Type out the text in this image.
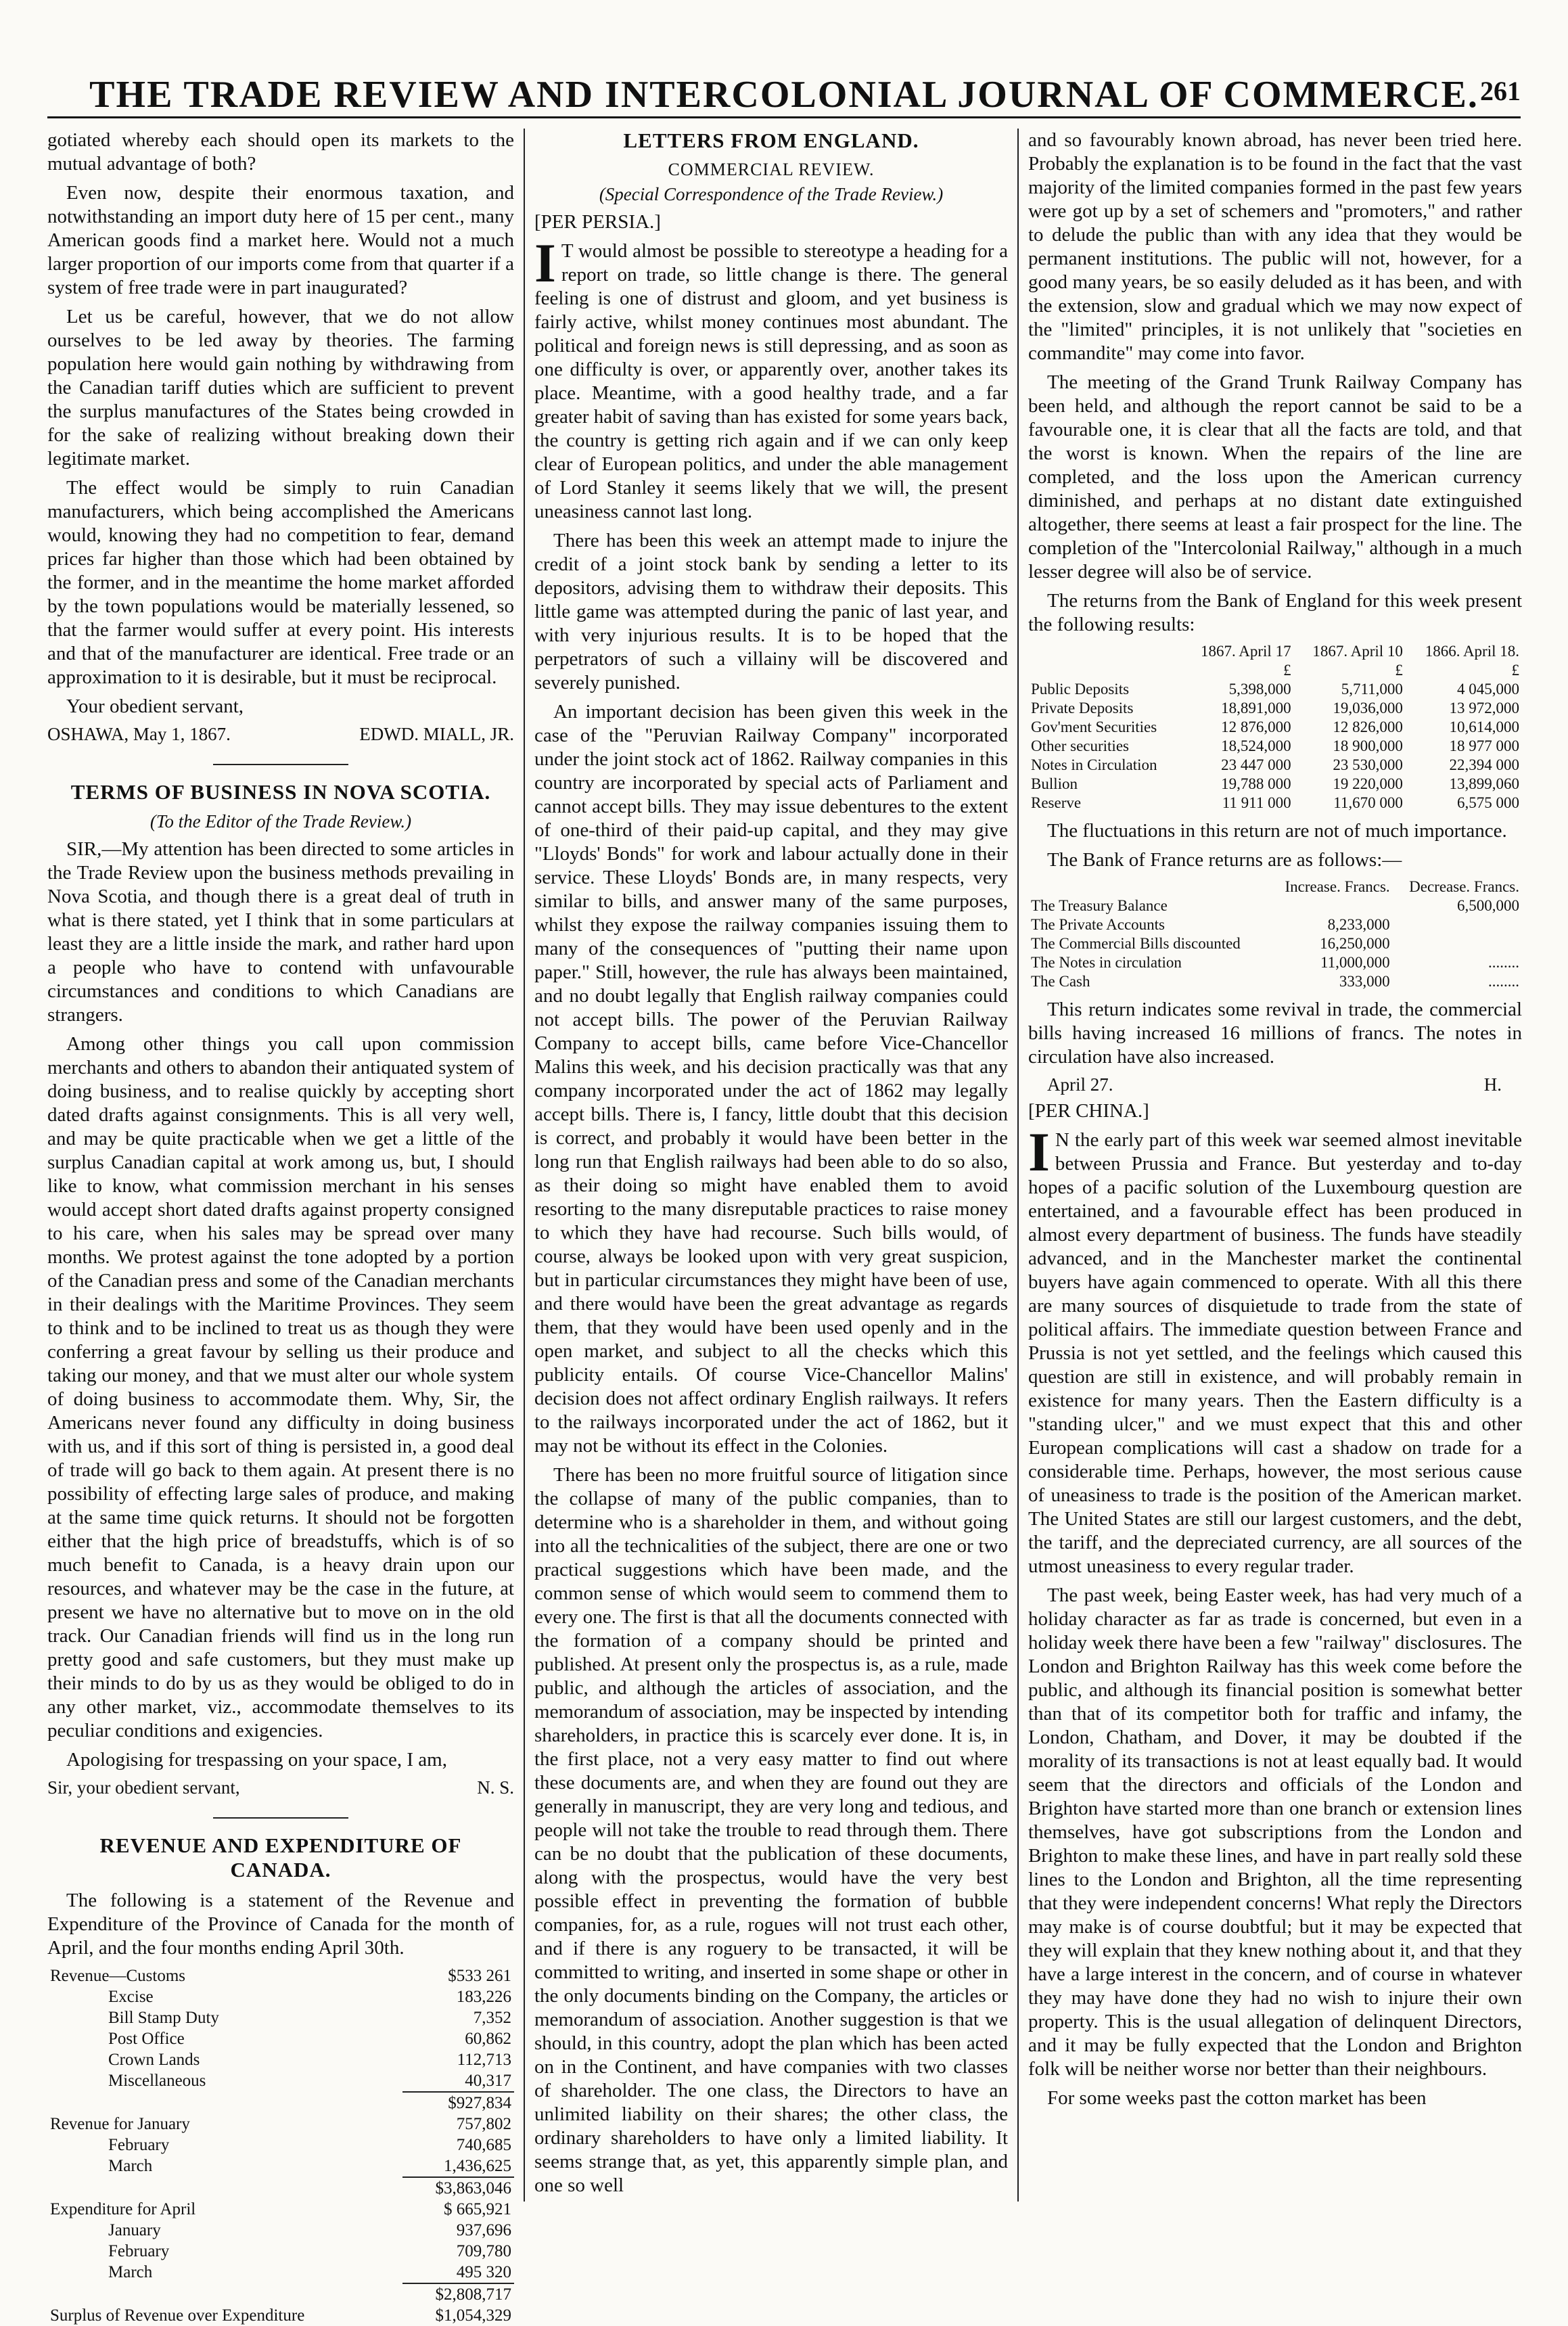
THE TRADE REVIEW AND INTERCOLONIAL JOURNAL OF COMMERCE. 261

gotiated whereby each should open its markets to the mutual advantage of both?

Even now, despite their enormous taxation, and notwithstanding an import duty here of 15 per cent., many American goods find a market here. Would not a much larger proportion of our imports come from that quarter if a system of free trade were in part inaugurated?

Let us be careful, however, that we do not allow ourselves to be led away by theories. The farming population here would gain nothing by withdrawing from the Canadian tariff duties which are sufficient to prevent the surplus manufactures of the States being crowded in for the sake of realizing without breaking down their legitimate market.

The effect would be simply to ruin Canadian manufacturers, which being accomplished the Americans would, knowing they had no competition to fear, demand prices far higher than those which had been obtained by the former, and in the meantime the home market afforded by the town populations would be materially lessened, so that the farmer would suffer at every point. His interests and that of the manufacturer are identical. Free trade or an approximation to it is desirable, but it must be reciprocal.

Your obedient servant,

OSHAWA, May 1, 1867.	EDWD. MIALL, JR.
TERMS OF BUSINESS IN NOVA SCOTIA.
(To the Editor of the Trade Review.)

SIR,—My attention has been directed to some articles in the Trade Review upon the business methods prevailing in Nova Scotia, and though there is a great deal of truth in what is there stated, yet I think that in some particulars at least they are a little inside the mark, and rather hard upon a people who have to contend with unfavourable circumstances and conditions to which Canadians are strangers.

Among other things you call upon commission merchants and others to abandon their antiquated system of doing business, and to realise quickly by accepting short dated drafts against consignments. This is all very well, and may be quite practicable when we get a little of the surplus Canadian capital at work among us, but, I should like to know, what commission merchant in his senses would accept short dated drafts against property consigned to his care, when his sales may be spread over many months. We protest against the tone adopted by a portion of the Canadian press and some of the Canadian merchants in their dealings with the Maritime Provinces. They seem to think and to be inclined to treat us as though they were conferring a great favour by selling us their produce and taking our money, and that we must alter our whole system of doing business to accommodate them. Why, Sir, the Americans never found any difficulty in doing business with us, and if this sort of thing is persisted in, a good deal of trade will go back to them again. At present there is no possibility of effecting large sales of produce, and making at the same time quick returns. It should not be forgotten either that the high price of breadstuffs, which is of so much benefit to Canada, is a heavy drain upon our resources, and whatever may be the case in the future, at present we have no alternative but to move on in the old track. Our Canadian friends will find us in the long run pretty good and safe customers, but they must make up their minds to do by us as they would be obliged to do in any other market, viz., accommodate themselves to its peculiar conditions and exigencies.

Apologising for trespassing on your space, I am,

Sir, your obedient servant,	N. S.
REVENUE AND EXPENDITURE OF CANADA.

The following is a statement of the Revenue and Expenditure of the Province of Canada for the month of April, and the four months ending April 30th.

Revenue—Customs	$533 261
Excise	183,226
Bill Stamp Duty	7,352
Post Office	60,862
Crown Lands	112,713
Miscellaneous	40,317
	$927,834
Revenue for January	757,802
February	740,685
March	1,436,625
	$3,863,046
Expenditure for April	$ 665,921
January	937,696
February	709,780
March	495 320
	$2,808,717
Surplus of Revenue over Expenditure	$1,054,329
LETTERS FROM ENGLAND.
COMMERCIAL REVIEW.
(Special Correspondence of the Trade Review.)

[PER PERSIA.]

I T would almost be possible to stereotype a heading for a report on trade, so little change is there. The general feeling is one of distrust and gloom, and yet business is fairly active, whilst money continues most abundant. The political and foreign news is still depressing, and as soon as one difficulty is over, or apparently over, another takes its place. Meantime, with a good healthy trade, and a far greater habit of saving than has existed for some years back, the country is getting rich again and if we can only keep clear of European politics, and under the able management of Lord Stanley it seems likely that we will, the present uneasiness cannot last long.

There has been this week an attempt made to injure the credit of a joint stock bank by sending a letter to its depositors, advising them to withdraw their deposits. This little game was attempted during the panic of last year, and with very injurious results. It is to be hoped that the perpetrators of such a villainy will be discovered and severely punished.

An important decision has been given this week in the case of the "Peruvian Railway Company" incorporated under the joint stock act of 1862. Railway companies in this country are incorporated by special acts of Parliament and cannot accept bills. They may issue debentures to the extent of one-third of their paid-up capital, and they may give "Lloyds' Bonds" for work and labour actually done in their service. These Lloyds' Bonds are, in many respects, very similar to bills, and answer many of the same purposes, whilst they expose the railway companies issuing them to many of the consequences of "putting their name upon paper." Still, however, the rule has always been maintained, and no doubt legally that English railway companies could not accept bills. The power of the Peruvian Railway Company to accept bills, came before Vice-Chancellor Malins this week, and his decision practically was that any company incorporated under the act of 1862 may legally accept bills. There is, I fancy, little doubt that this decision is correct, and probably it would have been better in the long run that English railways had been able to do so also, as their doing so might have enabled them to avoid resorting to the many disreputable practices to raise money to which they have had recourse. Such bills would, of course, always be looked upon with very great suspicion, but in particular circumstances they might have been of use, and there would have been the great advantage as regards them, that they would have been used openly and in the open market, and subject to all the checks which this publicity entails. Of course Vice-Chancellor Malins' decision does not affect ordinary English railways. It refers to the railways incorporated under the act of 1862, but it may not be without its effect in the Colonies.

There has been no more fruitful source of litigation since the collapse of many of the public companies, than to determine who is a shareholder in them, and without going into all the technicalities of the subject, there are one or two practical suggestions which have been made, and the common sense of which would seem to commend them to every one. The first is that all the documents connected with the formation of a company should be printed and published. At present only the prospectus is, as a rule, made public, and although the articles of association, and the memorandum of association, may be inspected by intending shareholders, in practice this is scarcely ever done. It is, in the first place, not a very easy matter to find out where these documents are, and when they are found out they are generally in manuscript, they are very long and tedious, and people will not take the trouble to read through them. There can be no doubt that the publication of these documents, along with the prospectus, would have the very best possible effect in preventing the formation of bubble companies, for, as a rule, rogues will not trust each other, and if there is any roguery to be transacted, it will be committed to writing, and inserted in some shape or other in the only documents binding on the Company, the articles or memorandum of association. Another suggestion is that we should, in this country, adopt the plan which has been acted on in the Continent, and have companies with two classes of shareholder. The one class, the Directors to have an unlimited liability on their shares; the other class, the ordinary shareholders to have only a limited liability. It seems strange that, as yet, this apparently simple plan, and one so well

and so favourably known abroad, has never been tried here. Probably the explanation is to be found in the fact that the vast majority of the limited companies formed in the past few years were got up by a set of schemers and "promoters," and rather to delude the public than with any idea that they would be permanent institutions. The public will not, however, for a good many years, be so easily deluded as it has been, and with the extension, slow and gradual which we may now expect of the "limited" principles, it is not unlikely that "societies en commandite" may come into favor.

The meeting of the Grand Trunk Railway Company has been held, and although the report cannot be said to be a favourable one, it is clear that all the facts are told, and that the worst is known. When the repairs of the line are completed, and the loss upon the American currency diminished, and perhaps at no distant date extinguished altogether, there seems at least a fair prospect for the line. The completion of the "Intercolonial Railway," although in a much lesser degree will also be of service.

The returns from the Bank of England for this week present the following results:

	1867. April 17	1867. April 10	1866. April 18.
	£	£	£
Public Deposits	5,398,000	5,711,000	4 045,000
Private Deposits	18,891,000	19,036,000	13 972,000
Gov'ment Securities	12 876,000	12 826,000	10,614,000
Other securities	18,524,000	18 900,000	18 977 000
Notes in Circulation	23 447 000	23 530,000	22,394 000
Bullion	19,788 000	19 220,000	13,899,060
Reserve	11 911 000	11,670 000	6,575 000

The fluctuations in this return are not of much importance.

The Bank of France returns are as follows:—

	Increase. Francs.	Decrease. Francs.
The Treasury Balance		6,500,000
The Private Accounts	8,233,000	
The Commercial Bills discounted	16,250,000	
The Notes in circulation	11,000,000	........
The Cash	333,000	........

This return indicates some revival in trade, the commercial bills having increased 16 millions of francs. The notes in circulation have also increased.

April 27.	H.

[PER CHINA.]

I N the early part of this week war seemed almost inevitable between Prussia and France. But yesterday and to-day hopes of a pacific solution of the Luxembourg question are entertained, and a favourable effect has been produced in almost every department of business. The funds have steadily advanced, and in the Manchester market the continental buyers have again commenced to operate. With all this there are many sources of disquietude to trade from the state of political affairs. The immediate question between France and Prussia is not yet settled, and the feelings which caused this question are still in existence, and will probably remain in existence for many years. Then the Eastern difficulty is a "standing ulcer," and we must expect that this and other European complications will cast a shadow on trade for a considerable time. Perhaps, however, the most serious cause of uneasiness to trade is the position of the American market. The United States are still our largest customers, and the debt, the tariff, and the depreciated currency, are all sources of the utmost uneasiness to every regular trader.

The past week, being Easter week, has had very much of a holiday character as far as trade is concerned, but even in a holiday week there have been a few "railway" disclosures. The London and Brighton Railway has this week come before the public, and although its financial position is somewhat better than that of its competitor both for traffic and infamy, the London, Chatham, and Dover, it may be doubted if the morality of its transactions is not at least equally bad. It would seem that the directors and officials of the London and Brighton have started more than one branch or extension lines themselves, have got subscriptions from the London and Brighton to make these lines, and have in part really sold these lines to the London and Brighton, all the time representing that they were independent concerns! What reply the Directors may make is of course doubtful; but it may be expected that they will explain that they knew nothing about it, and that they have a large interest in the concern, and of course in whatever they may have done they had no wish to injure their own property. This is the usual allegation of delinquent Directors, and it may be fully expected that the London and Brighton folk will be neither worse nor better than their neighbours.

For some weeks past the cotton market has been
